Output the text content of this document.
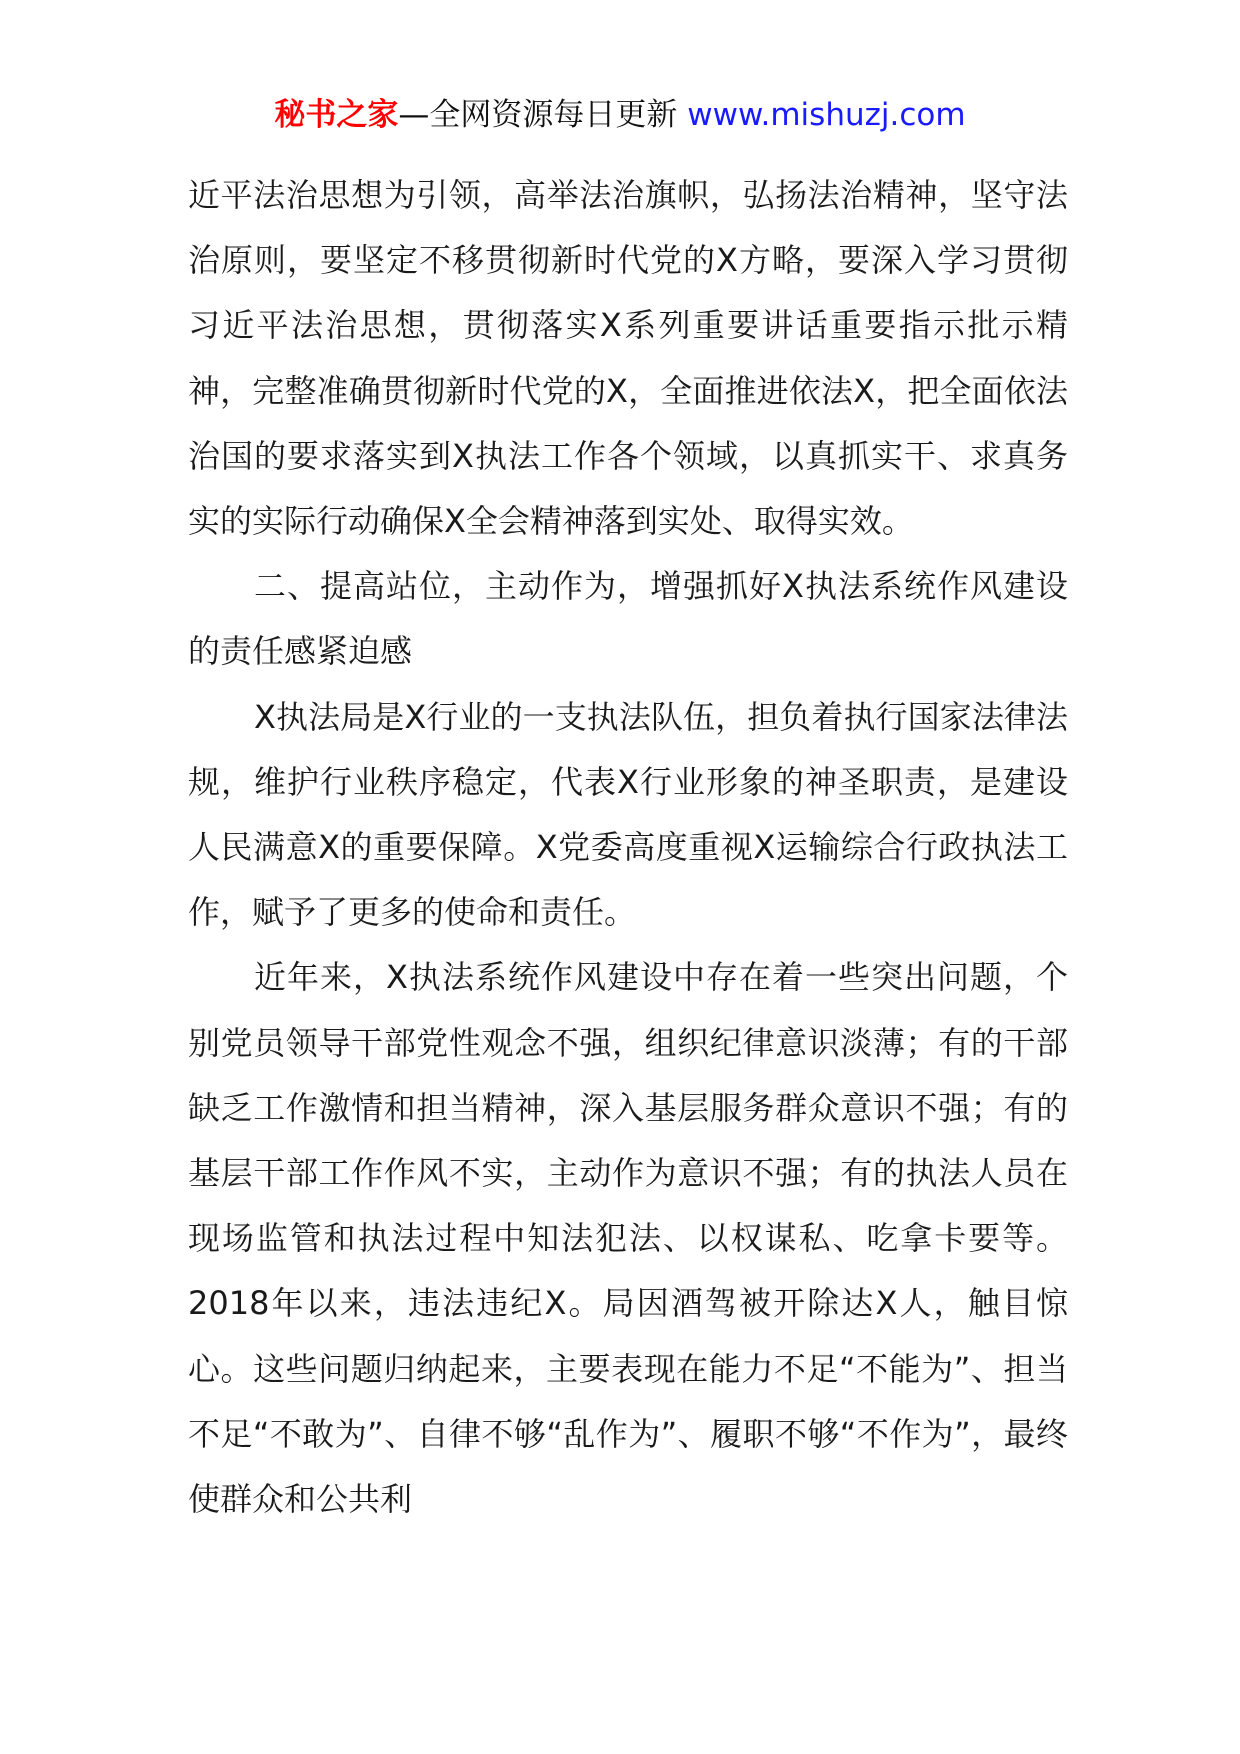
秘书之家—全网资源每日更新 www.mishuzj.com

近平法治思想为引领，高举法治旗帜，弘扬法治精神，坚守法治原则，要坚定不移贯彻新时代党的X方略，要深入学习贯彻习近平法治思想，贯彻落实X系列重要讲话重要指示批示精神，完整准确贯彻新时代党的X，全面推进依法X，把全面依法治国的要求落实到X执法工作各个领域，以真抓实干、求真务实的实际行动确保X全会精神落到实处、取得实效。

二、提高站位，主动作为，增强抓好X执法系统作风建设的责任感紧迫感

X执法局是X行业的一支执法队伍，担负着执行国家法律法规，维护行业秩序稳定，代表X行业形象的神圣职责，是建设人民满意X的重要保障。X党委高度重视X运输综合行政执法工作，赋予了更多的使命和责任。

近年来，X执法系统作风建设中存在着一些突出问题，个别党员领导干部党性观念不强，组织纪律意识淡薄；有的干部缺乏工作激情和担当精神，深入基层服务群众意识不强；有的基层干部工作作风不实，主动作为意识不强；有的执法人员在现场监管和执法过程中知法犯法、以权谋私、吃拿卡要等。2018年以来，违法违纪X。局因酒驾被开除达X人，触目惊心。这些问题归纳起来，主要表现在能力不足“不能为”、担当不足“不敢为”、自律不够“乱作为”、履职不够“不作为”，最终使群众和公共利
